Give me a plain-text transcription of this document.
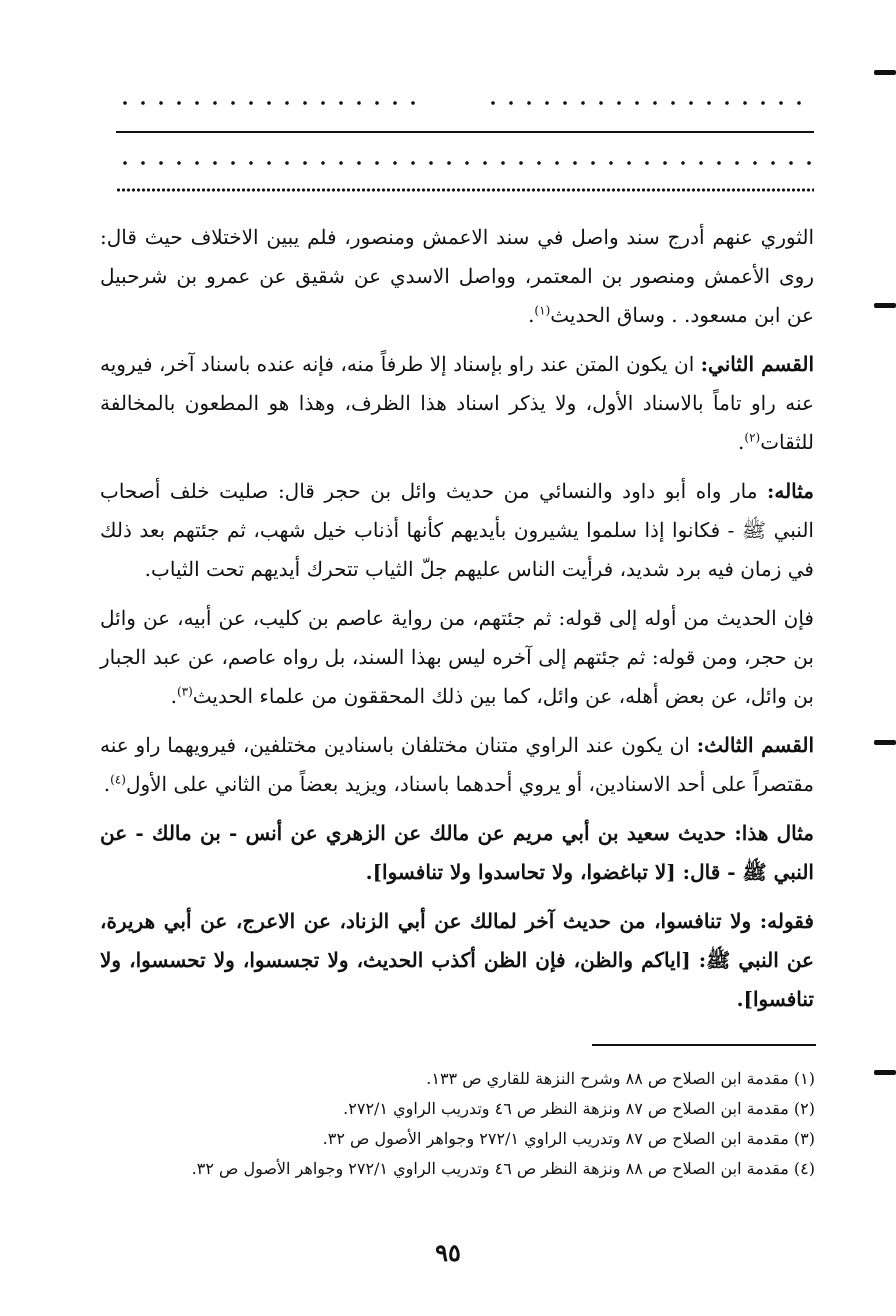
الثوري عنهم أدرج سند واصل في سند الاعمش ومنصور، فلم يبين الاختلاف حيث قال: روى الأعمش ومنصور بن المعتمر، وواصل الاسدي عن شقيق عن عمرو بن شرحبيل عن ابن مسعود. . وساق الحديث$^{(١)}$.

القسم الثاني: ان يكون المتن عند راو بإسناد إلا طرفاً منه، فإنه عنده باسناد آخر، فيرويه عنه راو تاماً بالاسناد الأول، ولا يذكر اسناد هذا الظرف، وهذا هو المطعون بالمخالفة للثقات$^{(٢)}$.

مثاله: مار واه أبو داود والنسائي من حديث وائل بن حجر قال: صليت خلف أصحاب النبي ﷺ - فكانوا إذا سلموا يشيرون بأيديهم كأنها أذناب خيل شهب، ثم جئتهم بعد ذلك في زمان فيه برد شديد، فرأيت الناس عليهم جلّ الثياب تتحرك أيديهم تحت الثياب.

فإن الحديث من أوله إلى قوله: ثم جئتهم، من رواية عاصم بن كليب، عن أبيه، عن وائل بن حجر، ومن قوله: ثم جئتهم إلى آخره ليس بهذا السند، بل رواه عاصم، عن عبد الجبار بن وائل، عن بعض أهله، عن وائل، كما بين ذلك المحققون من علماء الحديث$^{(٣)}$.

القسم الثالث: ان يكون عند الراوي متنان مختلفان باسنادين مختلفين، فيرويهما راو عنه مقتصراً على أحد الاسنادين، أو يروي أحدهما باسناد، ويزيد بعضاً من الثاني على الأول$^{(٤)}$.

مثال هذا: حديث سعيد بن أبي مريم عن مالك عن الزهري عن أنس - بن مالك - عن النبي ﷺ - قال: [لا تباغضوا، ولا تحاسدوا ولا تنافسوا].

فقوله: ولا تنافسوا، من حديث آخر لمالك عن أبي الزناد، عن الاعرج، عن أبي هريرة، عن النبي ﷺ: [اياكم والظن، فإن الظن أكذب الحديث، ولا تجسسوا، ولا تحسسوا، ولا تنافسوا].

(١) مقدمة ابن الصلاح ص ٨٨ وشرح النزهة للقاري ص ١٣٣.

(٢) مقدمة ابن الصلاح ص ٨٧ ونزهة النظر ص ٤٦ وتدريب الراوي ٢٧٢/١.

(٣) مقدمة ابن الصلاح ص ٨٧ وتدريب الراوي ٢٧٢/١ وجواهر الأصول ص ٣٢.

(٤) مقدمة ابن الصلاح ص ٨٨ ونزهة النظر ص ٤٦ وتدريب الراوي ٢٧٢/١ وجواهر الأصول ص ٣٢.

٩٥
